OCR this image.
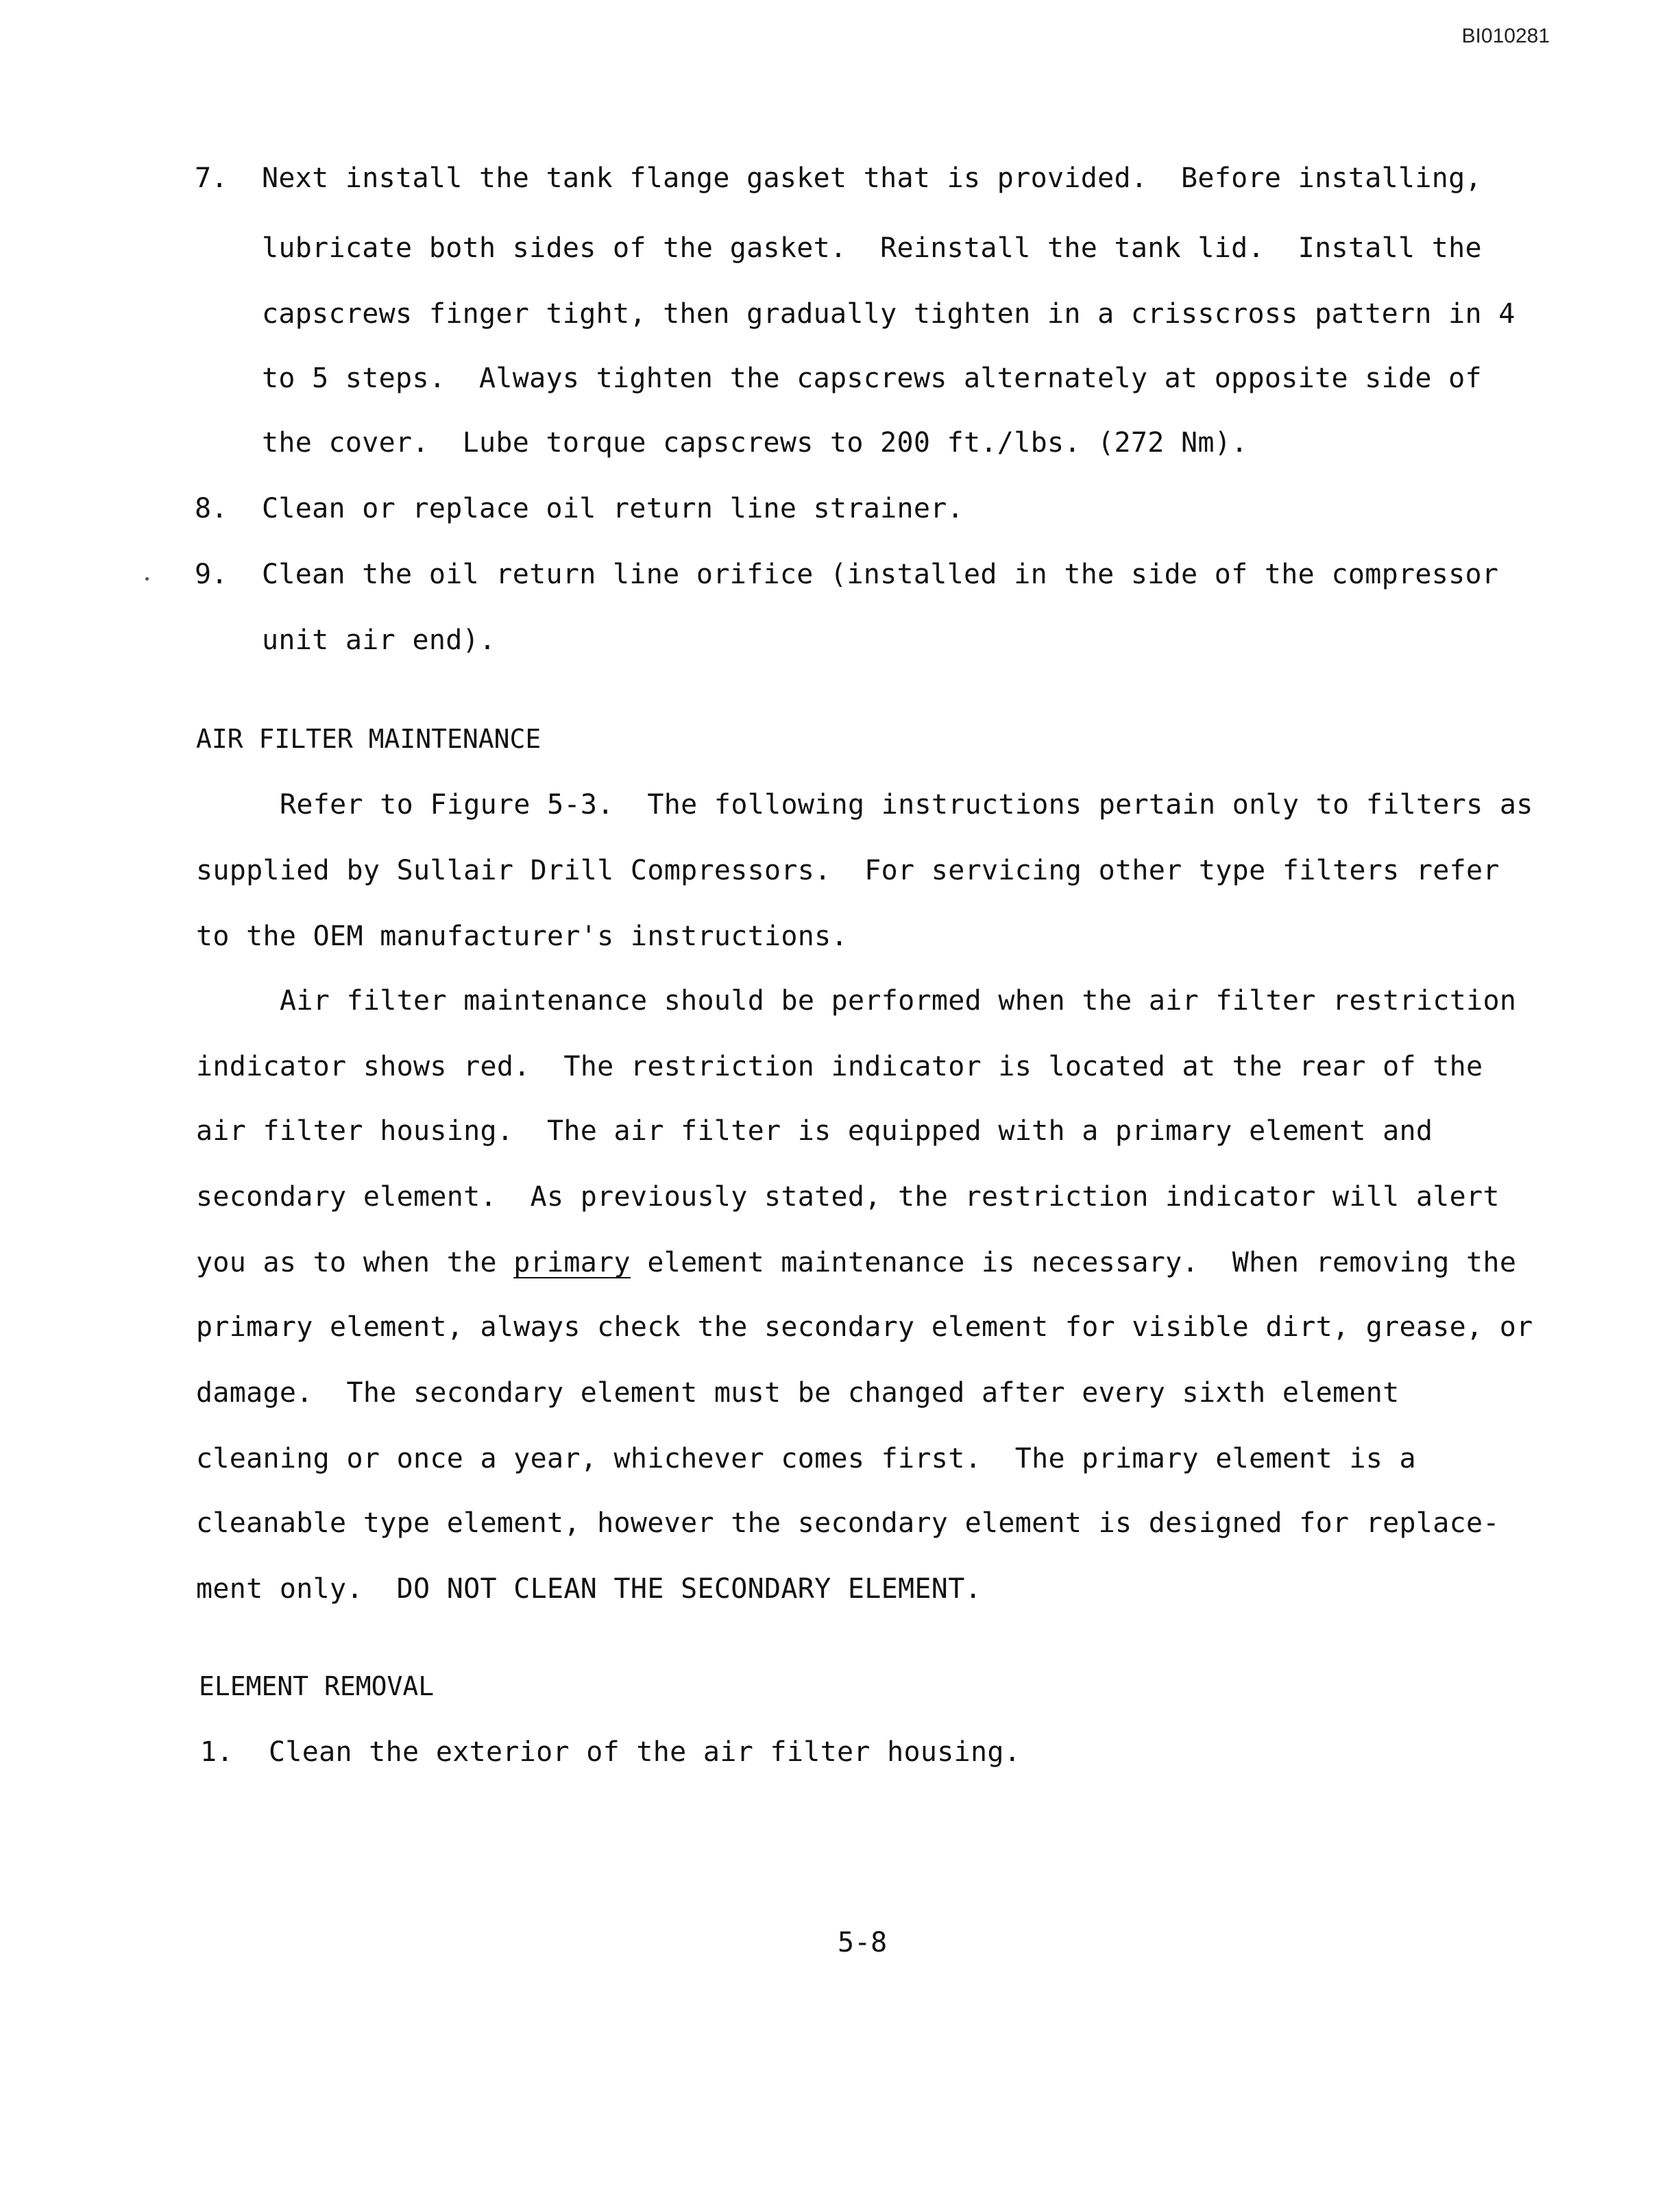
BI010281
7. Next install the tank flange gasket that is provided.  Before installing,
lubricate both sides of the gasket.  Reinstall the tank lid.  Install the
capscrews finger tight, then gradually tighten in a crisscross pattern in 4
to 5 steps.  Always tighten the capscrews alternately at opposite side of
the cover.  Lube torque capscrews to 200 ft./lbs. (272 Nm).
8. Clean or replace oil return line strainer.
9. Clean the oil return line orifice (installed in the side of the compressor
unit air end).
AIR FILTER MAINTENANCE
Refer to Figure 5-3.  The following instructions pertain only to filters as
supplied by Sullair Drill Compressors.  For servicing other type filters refer
to the OEM manufacturer's instructions.
Air filter maintenance should be performed when the air filter restriction
indicator shows red.  The restriction indicator is located at the rear of the
air filter housing.  The air filter is equipped with a primary element and
secondary element.  As previously stated, the restriction indicator will alert
you as to when the primary element maintenance is necessary.  When removing the
primary element, always check the secondary element for visible dirt, grease, or
damage.  The secondary element must be changed after every sixth element
cleaning or once a year, whichever comes first.  The primary element is a
cleanable type element, however the secondary element is designed for replace-
ment only.  DO NOT CLEAN THE SECONDARY ELEMENT.
ELEMENT REMOVAL
1. Clean the exterior of the air filter housing.
5-8
